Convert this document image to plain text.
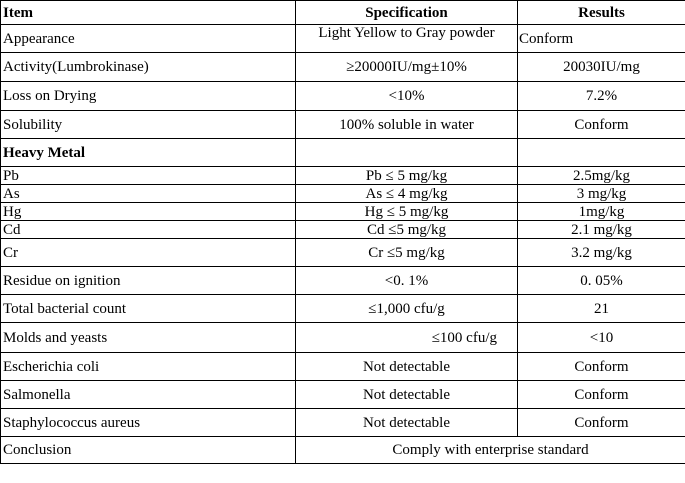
Item	Specification	Results
Appearance	Light Yellow to Gray powder	Conform
Activity(Lumbrokinase)	≥20000IU/mg±10%	20030IU/mg
Loss on Drying	<10%	7.2%
Solubility	100% soluble in water	Conform
Heavy Metal		
Pb	Pb ≤ 5 mg/kg	2.5mg/kg
As	As ≤ 4 mg/kg	3 mg/kg
Hg	Hg ≤ 5 mg/kg	1mg/kg
Cd	Cd ≤5 mg/kg	2.1 mg/kg
Cr	Cr ≤5 mg/kg	3.2 mg/kg
Residue on ignition	<0. 1%	0. 05%
Total bacterial count	≤1,000 cfu/g	21
Molds and yeasts	≤100 cfu/g	<10
Escherichia coli	Not detectable	Conform
Salmonella	Not detectable	Conform
Staphylococcus aureus	Not detectable	Conform
Conclusion	Comply with enterprise standard	
